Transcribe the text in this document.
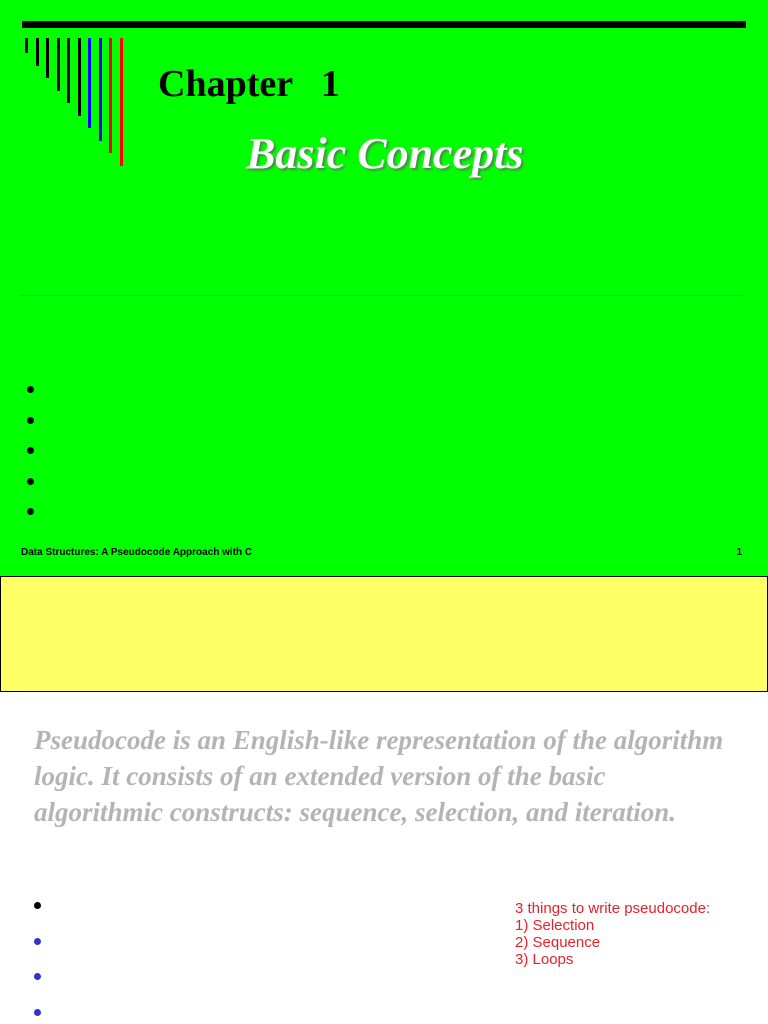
Chapter   1
Basic Concepts
Data Structures: A Pseudocode Approach with C	1

Pseudocode is an English-like representation of the algorithm logic. It consists of an extended version of the basic algorithmic constructs: sequence, selection, and iteration.

3 things to write pseudocode:
1) Selection
2) Sequence
3) Loops
